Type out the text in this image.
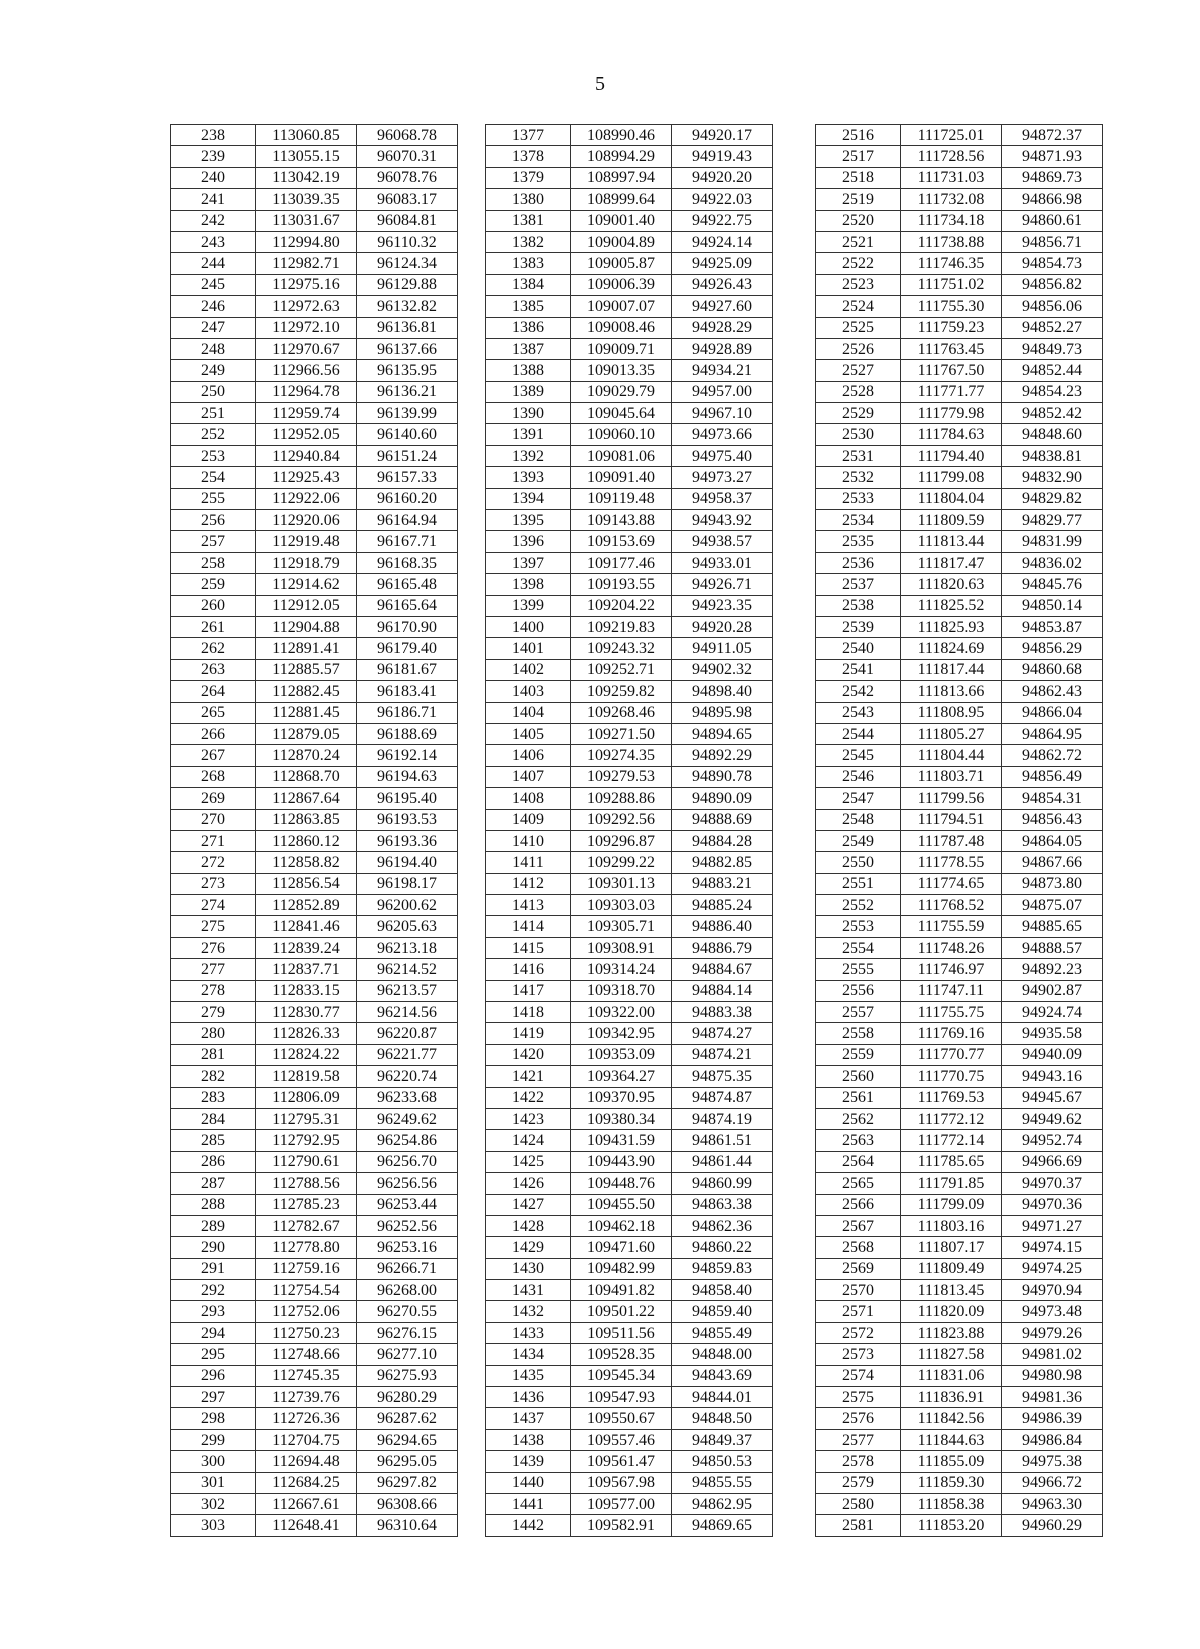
5
238	113060.85	96068.78
239	113055.15	96070.31
240	113042.19	96078.76
241	113039.35	96083.17
242	113031.67	96084.81
243	112994.80	96110.32
244	112982.71	96124.34
245	112975.16	96129.88
246	112972.63	96132.82
247	112972.10	96136.81
248	112970.67	96137.66
249	112966.56	96135.95
250	112964.78	96136.21
251	112959.74	96139.99
252	112952.05	96140.60
253	112940.84	96151.24
254	112925.43	96157.33
255	112922.06	96160.20
256	112920.06	96164.94
257	112919.48	96167.71
258	112918.79	96168.35
259	112914.62	96165.48
260	112912.05	96165.64
261	112904.88	96170.90
262	112891.41	96179.40
263	112885.57	96181.67
264	112882.45	96183.41
265	112881.45	96186.71
266	112879.05	96188.69
267	112870.24	96192.14
268	112868.70	96194.63
269	112867.64	96195.40
270	112863.85	96193.53
271	112860.12	96193.36
272	112858.82	96194.40
273	112856.54	96198.17
274	112852.89	96200.62
275	112841.46	96205.63
276	112839.24	96213.18
277	112837.71	96214.52
278	112833.15	96213.57
279	112830.77	96214.56
280	112826.33	96220.87
281	112824.22	96221.77
282	112819.58	96220.74
283	112806.09	96233.68
284	112795.31	96249.62
285	112792.95	96254.86
286	112790.61	96256.70
287	112788.56	96256.56
288	112785.23	96253.44
289	112782.67	96252.56
290	112778.80	96253.16
291	112759.16	96266.71
292	112754.54	96268.00
293	112752.06	96270.55
294	112750.23	96276.15
295	112748.66	96277.10
296	112745.35	96275.93
297	112739.76	96280.29
298	112726.36	96287.62
299	112704.75	96294.65
300	112694.48	96295.05
301	112684.25	96297.82
302	112667.61	96308.66
303	112648.41	96310.64
1377	108990.46	94920.17
1378	108994.29	94919.43
1379	108997.94	94920.20
1380	108999.64	94922.03
1381	109001.40	94922.75
1382	109004.89	94924.14
1383	109005.87	94925.09
1384	109006.39	94926.43
1385	109007.07	94927.60
1386	109008.46	94928.29
1387	109009.71	94928.89
1388	109013.35	94934.21
1389	109029.79	94957.00
1390	109045.64	94967.10
1391	109060.10	94973.66
1392	109081.06	94975.40
1393	109091.40	94973.27
1394	109119.48	94958.37
1395	109143.88	94943.92
1396	109153.69	94938.57
1397	109177.46	94933.01
1398	109193.55	94926.71
1399	109204.22	94923.35
1400	109219.83	94920.28
1401	109243.32	94911.05
1402	109252.71	94902.32
1403	109259.82	94898.40
1404	109268.46	94895.98
1405	109271.50	94894.65
1406	109274.35	94892.29
1407	109279.53	94890.78
1408	109288.86	94890.09
1409	109292.56	94888.69
1410	109296.87	94884.28
1411	109299.22	94882.85
1412	109301.13	94883.21
1413	109303.03	94885.24
1414	109305.71	94886.40
1415	109308.91	94886.79
1416	109314.24	94884.67
1417	109318.70	94884.14
1418	109322.00	94883.38
1419	109342.95	94874.27
1420	109353.09	94874.21
1421	109364.27	94875.35
1422	109370.95	94874.87
1423	109380.34	94874.19
1424	109431.59	94861.51
1425	109443.90	94861.44
1426	109448.76	94860.99
1427	109455.50	94863.38
1428	109462.18	94862.36
1429	109471.60	94860.22
1430	109482.99	94859.83
1431	109491.82	94858.40
1432	109501.22	94859.40
1433	109511.56	94855.49
1434	109528.35	94848.00
1435	109545.34	94843.69
1436	109547.93	94844.01
1437	109550.67	94848.50
1438	109557.46	94849.37
1439	109561.47	94850.53
1440	109567.98	94855.55
1441	109577.00	94862.95
1442	109582.91	94869.65
2516	111725.01	94872.37
2517	111728.56	94871.93
2518	111731.03	94869.73
2519	111732.08	94866.98
2520	111734.18	94860.61
2521	111738.88	94856.71
2522	111746.35	94854.73
2523	111751.02	94856.82
2524	111755.30	94856.06
2525	111759.23	94852.27
2526	111763.45	94849.73
2527	111767.50	94852.44
2528	111771.77	94854.23
2529	111779.98	94852.42
2530	111784.63	94848.60
2531	111794.40	94838.81
2532	111799.08	94832.90
2533	111804.04	94829.82
2534	111809.59	94829.77
2535	111813.44	94831.99
2536	111817.47	94836.02
2537	111820.63	94845.76
2538	111825.52	94850.14
2539	111825.93	94853.87
2540	111824.69	94856.29
2541	111817.44	94860.68
2542	111813.66	94862.43
2543	111808.95	94866.04
2544	111805.27	94864.95
2545	111804.44	94862.72
2546	111803.71	94856.49
2547	111799.56	94854.31
2548	111794.51	94856.43
2549	111787.48	94864.05
2550	111778.55	94867.66
2551	111774.65	94873.80
2552	111768.52	94875.07
2553	111755.59	94885.65
2554	111748.26	94888.57
2555	111746.97	94892.23
2556	111747.11	94902.87
2557	111755.75	94924.74
2558	111769.16	94935.58
2559	111770.77	94940.09
2560	111770.75	94943.16
2561	111769.53	94945.67
2562	111772.12	94949.62
2563	111772.14	94952.74
2564	111785.65	94966.69
2565	111791.85	94970.37
2566	111799.09	94970.36
2567	111803.16	94971.27
2568	111807.17	94974.15
2569	111809.49	94974.25
2570	111813.45	94970.94
2571	111820.09	94973.48
2572	111823.88	94979.26
2573	111827.58	94981.02
2574	111831.06	94980.98
2575	111836.91	94981.36
2576	111842.56	94986.39
2577	111844.63	94986.84
2578	111855.09	94975.38
2579	111859.30	94966.72
2580	111858.38	94963.30
2581	111853.20	94960.29
